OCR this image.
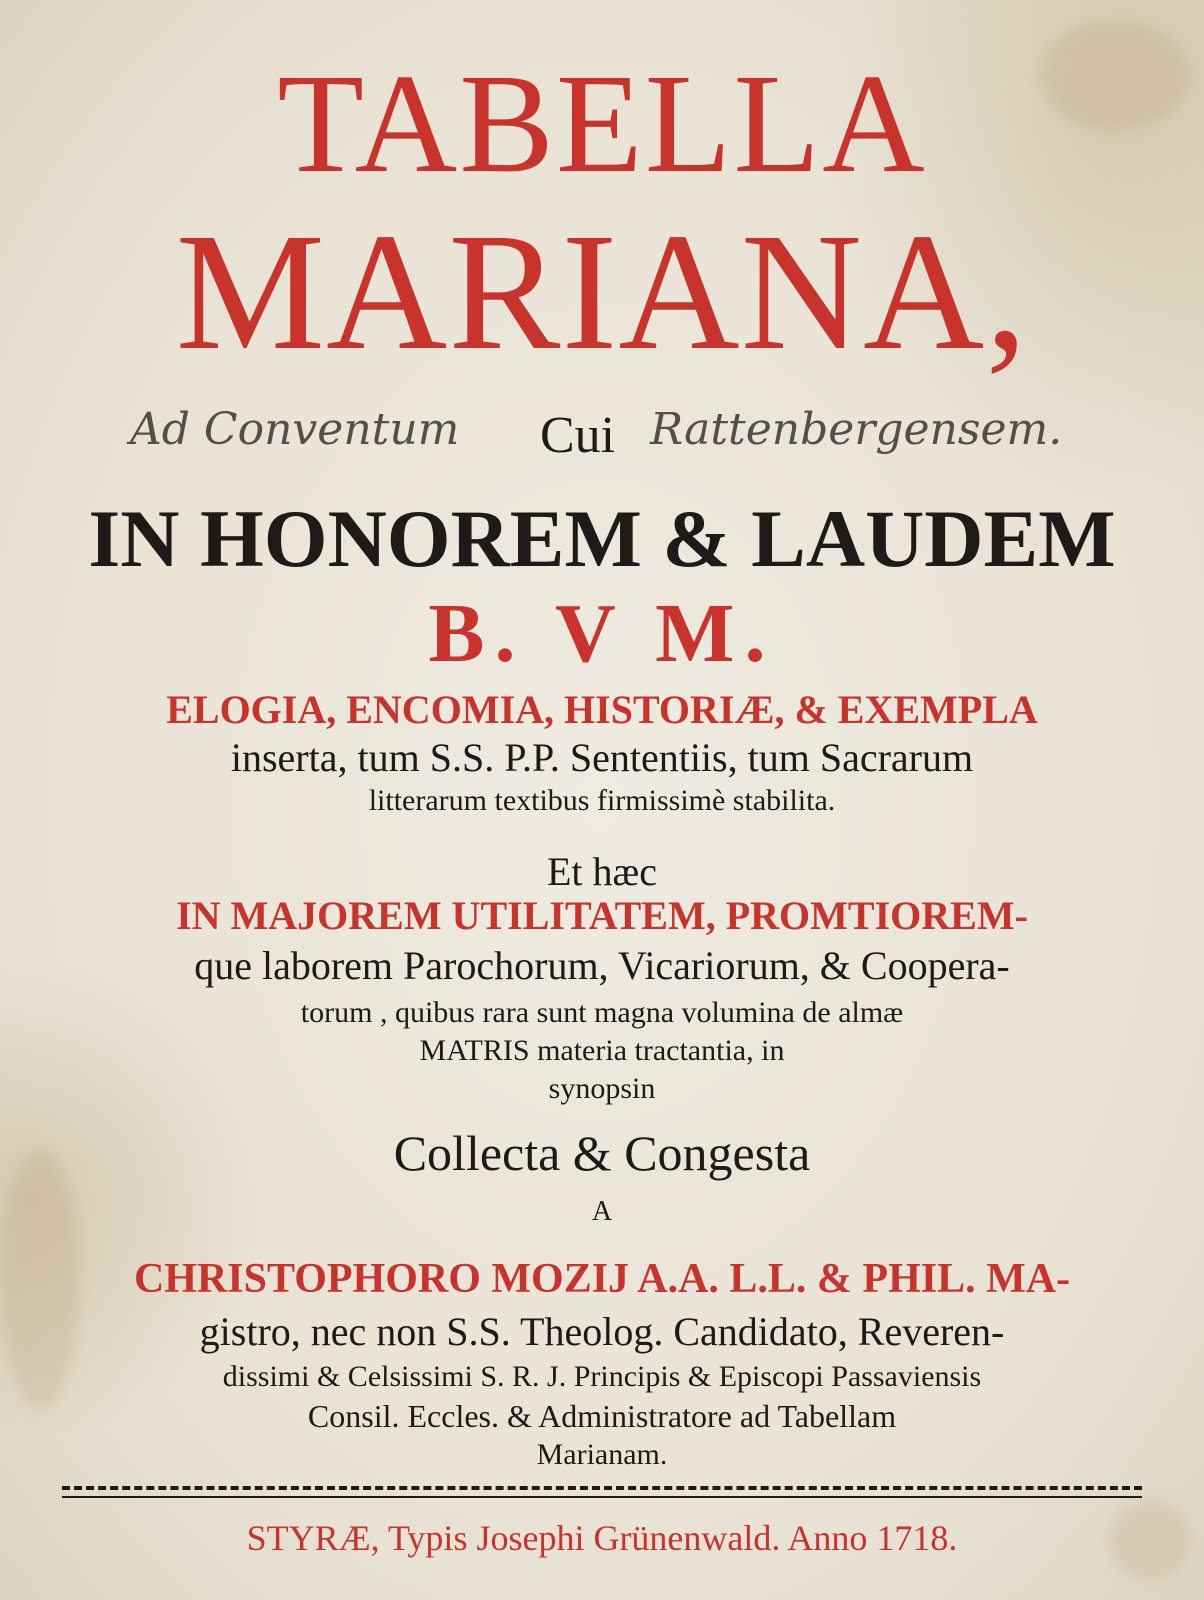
TABELLA
MARIANA,
Ad Conventum Cui Rattenbergensem.
IN HONOREM & LAUDEM
B. V M.
ELOGIA, ENCOMIA, HISTORIÆ, & EXEMPLA
inserta, tum S.S. P.P. Sententiis, tum Sacrarum
litterarum textibus firmissimè stabilita.
Et hæc
IN MAJOREM UTILITATEM, PROMTIOREM-
que laborem Parochorum, Vicariorum, & Coopera-
torum , quibus rara sunt magna volumina de almæ
MATRIS materia tractantia, in
synopsin
Collecta & Congesta
A
CHRISTOPHORO MOZIJ A.A. L.L. & PHIL. MA-
gistro, nec non S.S. Theolog. Candidato, Reveren-
dissimi & Celsissimi S. R. J. Principis & Episcopi Passaviensis
Consil. Eccles. & Administratore ad Tabellam
Marianam.
STYRÆ, Typis Josephi Grünenwald. Anno 1718.
